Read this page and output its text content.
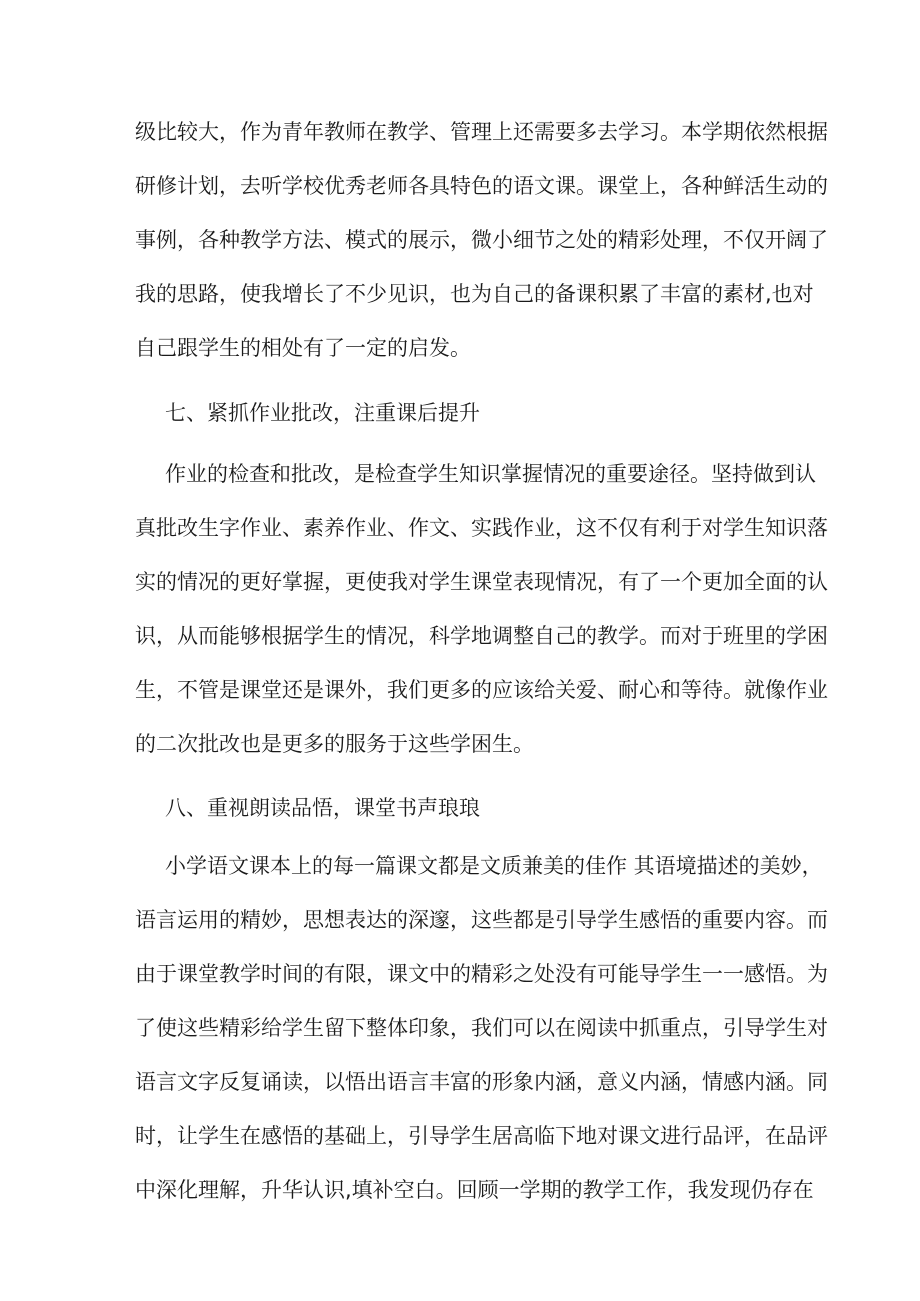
级比较大，作为青年教师在教学、管理上还需要多去学习。本学期依然根据
研修计划，去听学校优秀老师各具特色的语文课。课堂上，各种鲜活生动的
事例，各种教学方法、模式的展示，微小细节之处的精彩处理，不仅开阔了
我的思路，使我增长了不少见识，也为自己的备课积累了丰富的素材,也对
自己跟学生的相处有了一定的启发。
七、紧抓作业批改，注重课后提升
作业的检查和批改，是检查学生知识掌握情况的重要途径。坚持做到认
真批改生字作业、素养作业、作文、实践作业，这不仅有利于对学生知识落
实的情况的更好掌握，更使我对学生课堂表现情况，有了一个更加全面的认
识，从而能够根据学生的情况，科学地调整自己的教学。而对于班里的学困
生，不管是课堂还是课外，我们更多的应该给关爱、耐心和等待。就像作业
的二次批改也是更多的服务于这些学困生。
八、重视朗读品悟，课堂书声琅琅
小学语文课本上的每一篇课文都是文质兼美的佳作 其语境描述的美妙，
语言运用的精妙，思想表达的深邃，这些都是引导学生感悟的重要内容。而
由于课堂教学时间的有限，课文中的精彩之处没有可能导学生一一感悟。为
了使这些精彩给学生留下整体印象，我们可以在阅读中抓重点，引导学生对
语言文字反复诵读，以悟出语言丰富的形象内涵，意义内涵，情感内涵。同
时，让学生在感悟的基础上，引导学生居高临下地对课文进行品评，在品评
中深化理解，升华认识,填补空白。回顾一学期的教学工作，我发现仍存在
